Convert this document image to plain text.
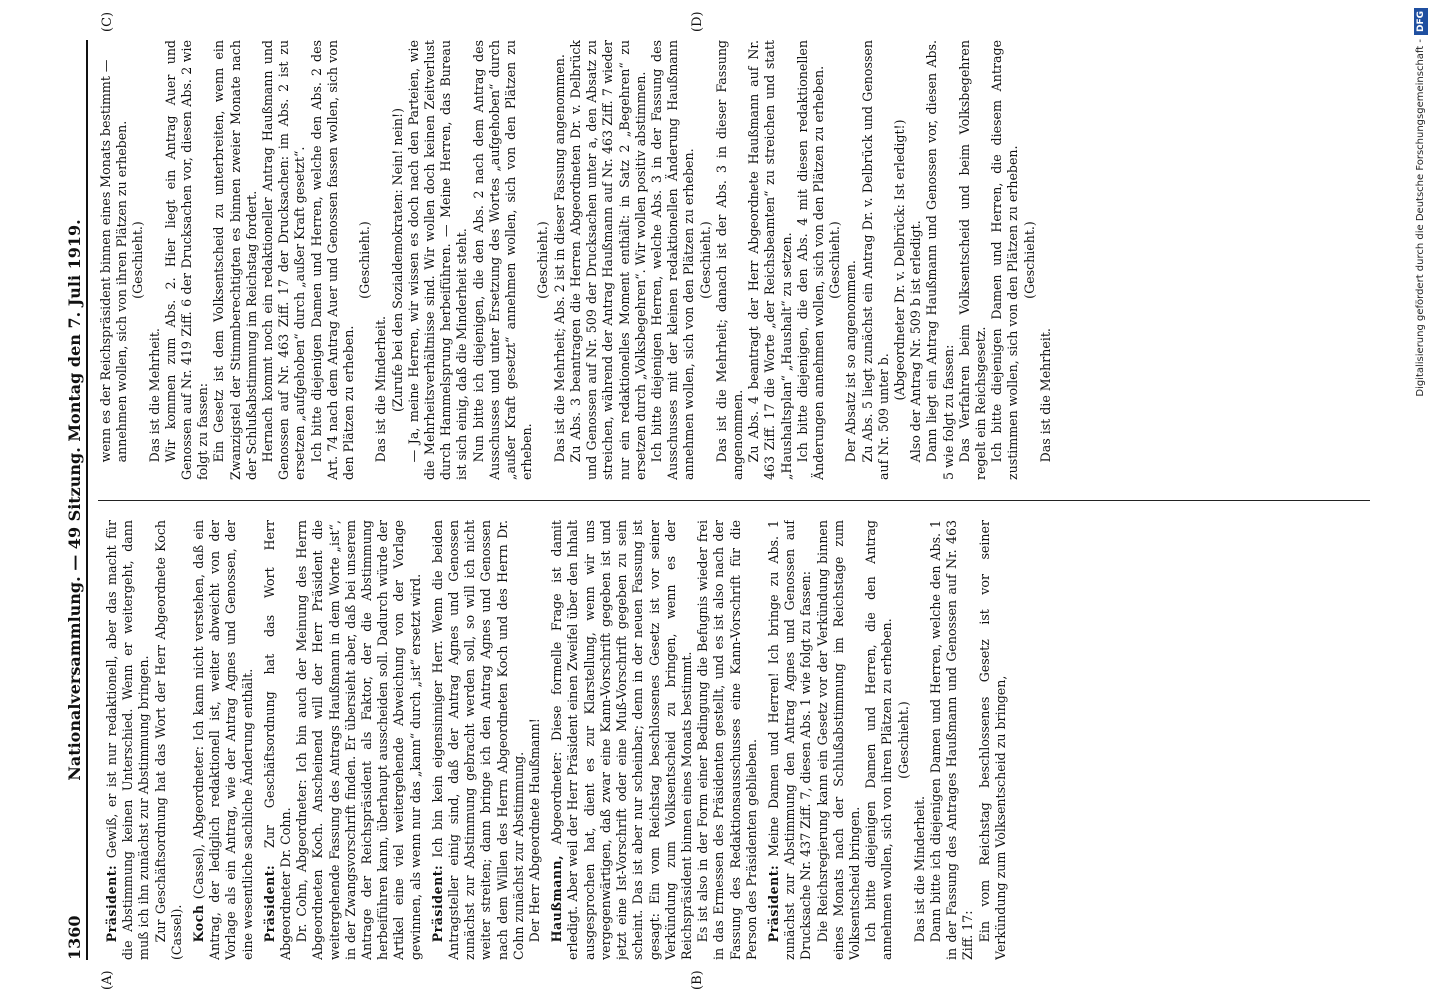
1360
Nationalversammlung. — 49 Sitzung. Montag den 7. Juli 1919.
(A)	(B)
(C)	(D)

Präsident: Gewiß, er ist nur redaktionell, aber das macht für die Abstimmung keinen Unterschied. Wenn er weitergeht, dann muß ich ihn zunächst zur Abstimmung bringen. Zur Geschäftsordnung hat das Wort der Herr Abgeordnete Koch (Cassel). Koch (Cassel), Abgeordneter: Ich kann nicht verstehen, daß ein Antrag, der lediglich redaktionell ist, weiter abweicht von der Vorlage als ein Antrag, wie der Antrag Agnes und Genossen, der eine wesentliche sachliche Änderung enthält. Präsident: Zur Geschäftsordnung hat das Wort Herr Abgeordneter Dr. Cohn. Dr. Cohn, Abgeordneter: Ich bin auch der Meinung des Herrn Abgeordneten Koch. Anscheinend will der Herr Präsident die weitergehende Fassung des Antrags Haußmann in dem Worte „ist“, in der Zwangsvorschrift finden. Er übersieht aber, daß bei unserem Antrage der Reichspräsident als Faktor, der die Abstimmung herbeiführen kann, überhaupt ausscheiden soll. Dadurch würde der Artikel eine viel weitergehende Abweichung von der Vorlage gewinnen, als wenn nur das „kann“ durch „ist“ ersetzt wird. Präsident: Ich bin kein eigensinniger Herr. Wenn die beiden Antragsteller einig sind, daß der Antrag Agnes und Genossen zunächst zur Abstimmung gebracht werden soll, so will ich nicht weiter streiten; dann bringe ich den Antrag Agnes und Genossen nach dem Willen des Herrn Abgeordneten Koch und des Herrn Dr. Cohn zunächst zur Abstimmung. Der Herr Abgeordnete Haußmann! Haußmann, Abgeordneter: Diese formelle Frage ist damit erledigt. Aber weil der Herr Präsident einen Zweifel über den Inhalt ausgesprochen hat, dient es zur Klarstellung, wenn wir uns vergegenwärtigen, daß zwar eine Kann-Vorschrift gegeben ist und jetzt eine Ist-Vorschrift oder eine Muß-Vorschrift gegeben zu sein scheint. Das ist aber nur scheinbar; denn in der neuen Fassung ist gesagt: Ein vom Reichstag beschlossenes Gesetz ist vor seiner Verkündung zum Volksentscheid zu bringen, wenn es der Reichspräsident binnen eines Monats bestimmt. Es ist also in der Form einer Bedingung die Befugnis wieder frei in das Ermessen des Präsidenten gestellt, und es ist also nach der Fassung des Redaktionsausschusses eine Kann-Vorschrift für die Person des Präsidenten geblieben. Präsident: Meine Damen und Herren! Ich bringe zu Abs. 1 zunächst zur Abstimmung den Antrag Agnes und Genossen auf Drucksache Nr. 437 Ziff. 7, diesen Abs. 1 wie folgt zu fassen: Die Reichsregierung kann ein Gesetz vor der Verkündung binnen eines Monats nach der Schlußabstimmung im Reichstage zum Volksentscheid bringen. Ich bitte diejenigen Damen und Herren, die den Antrag annehmen wollen, sich von ihren Plätzen zu erheben. (Geschieht.)

Das ist die Minderheit. Dann bitte ich diejenigen Damen und Herren, welche den Abs. 1 in der Fassung des Antrages Haußmann und Genossen auf Nr. 463 Ziff. 17: Ein vom Reichstag beschlossenes Gesetz ist vor seiner Verkündung zum Volksentscheid zu bringen,

wenn es der Reichspräsident binnen eines Monats bestimmt — annehmen wollen, sich von ihren Plätzen zu erheben. (Geschieht.)

Das ist die Mehrheit. Wir kommen zum Abs. 2. Hier liegt ein Antrag Auer und Genossen auf Nr. 419 Ziff. 6 der Drucksachen vor, diesen Abs. 2 wie folgt zu fassen: Ein Gesetz ist dem Volksentscheid zu unterbreiten, wenn ein Zwanzigstel der Stimmberechtigten es binnen zweier Monate nach der Schlußabstimmung im Reichstag fordert. Hernach kommt noch ein redaktioneller Antrag Haußmann und Genossen auf Nr. 463 Ziff. 17 der Drucksachen: im Abs. 2 ist zu ersetzen „aufgehoben“ durch „außer Kraft gesetzt“. Ich bitte diejenigen Damen und Herren, welche den Abs. 2 des Art. 74 nach dem Antrag Auer und Genossen fassen wollen, sich von den Plätzen zu erheben.

(Geschieht.)

Das ist die Minderheit. (Zurufe bei den Sozialdemokraten: Nein! nein!) — Ja, meine Herren, wir wissen es doch nach den Parteien, wie die Mehrheitsverhältnisse sind. Wir wollen doch keinen Zeitverlust durch Hammelsprung herbeiführen. — Meine Herren, das Bureau ist sich einig, daß die Minderheit steht. Nun bitte ich diejenigen, die den Abs. 2 nach dem Antrag des Ausschusses und unter Ersetzung des Wortes „aufgehoben“ durch „außer Kraft gesetzt“ annehmen wollen, sich von den Plätzen zu erheben.

(Geschieht.) Das ist die Mehrheit; Abs. 2 ist in dieser Fassung angenommen. Zu Abs. 3 beantragen die Herren Abgeordneten Dr. v. Delbrück und Genossen auf Nr. 509 der Drucksachen unter a, den Absatz zu streichen, während der Antrag Haußmann auf Nr. 463 Ziff. 7 wieder nur ein redaktionelles Moment enthält: in Satz 2 „Begehren“ zu ersetzen durch „Volksbegehren“. Wir wollen positiv abstimmen. Ich bitte diejenigen Herren, welche Abs. 3 in der Fassung des Ausschusses mit der kleinen redaktionellen Änderung Haußmann annehmen wollen, sich von den Plätzen zu erheben. (Geschieht.) Das ist die Mehrheit; danach ist der Abs. 3 in dieser Fassung angenommen. Zu Abs. 4 beantragt der Herr Abgeordnete Haußmann auf Nr. 463 Ziff. 17 die Worte „der Reichsbeamten“ zu streichen und statt „Haushaltsplan“ „Haushalt“ zu setzen. Ich bitte diejenigen, die den Abs. 4 mit diesen redaktionellen Änderungen annehmen wollen, sich von den Plätzen zu erheben. (Geschieht.)

Der Absatz ist so angenommen. Zu Abs. 5 liegt zunächst ein Antrag Dr. v. Delbrück und Genossen auf Nr. 509 unter b.

(Abgeordneter Dr. v. Delbrück: Ist erledigt!) Also der Antrag Nr. 509 b ist erledigt. Dann liegt ein Antrag Haußmann und Genossen vor, diesen Abs. 5 wie folgt zu fassen: Das Verfahren beim Volksentscheid und beim Volksbegehren regelt ein Reichsgesetz. Ich bitte diejenigen Damen und Herren, die diesem Antrage zustimmen wollen, sich von den Plätzen zu erheben. (Geschieht.)

Das ist die Mehrheit.	Digitalisierung gefördert durch die Deutsche Forschungsgemeinschaft -DFG
